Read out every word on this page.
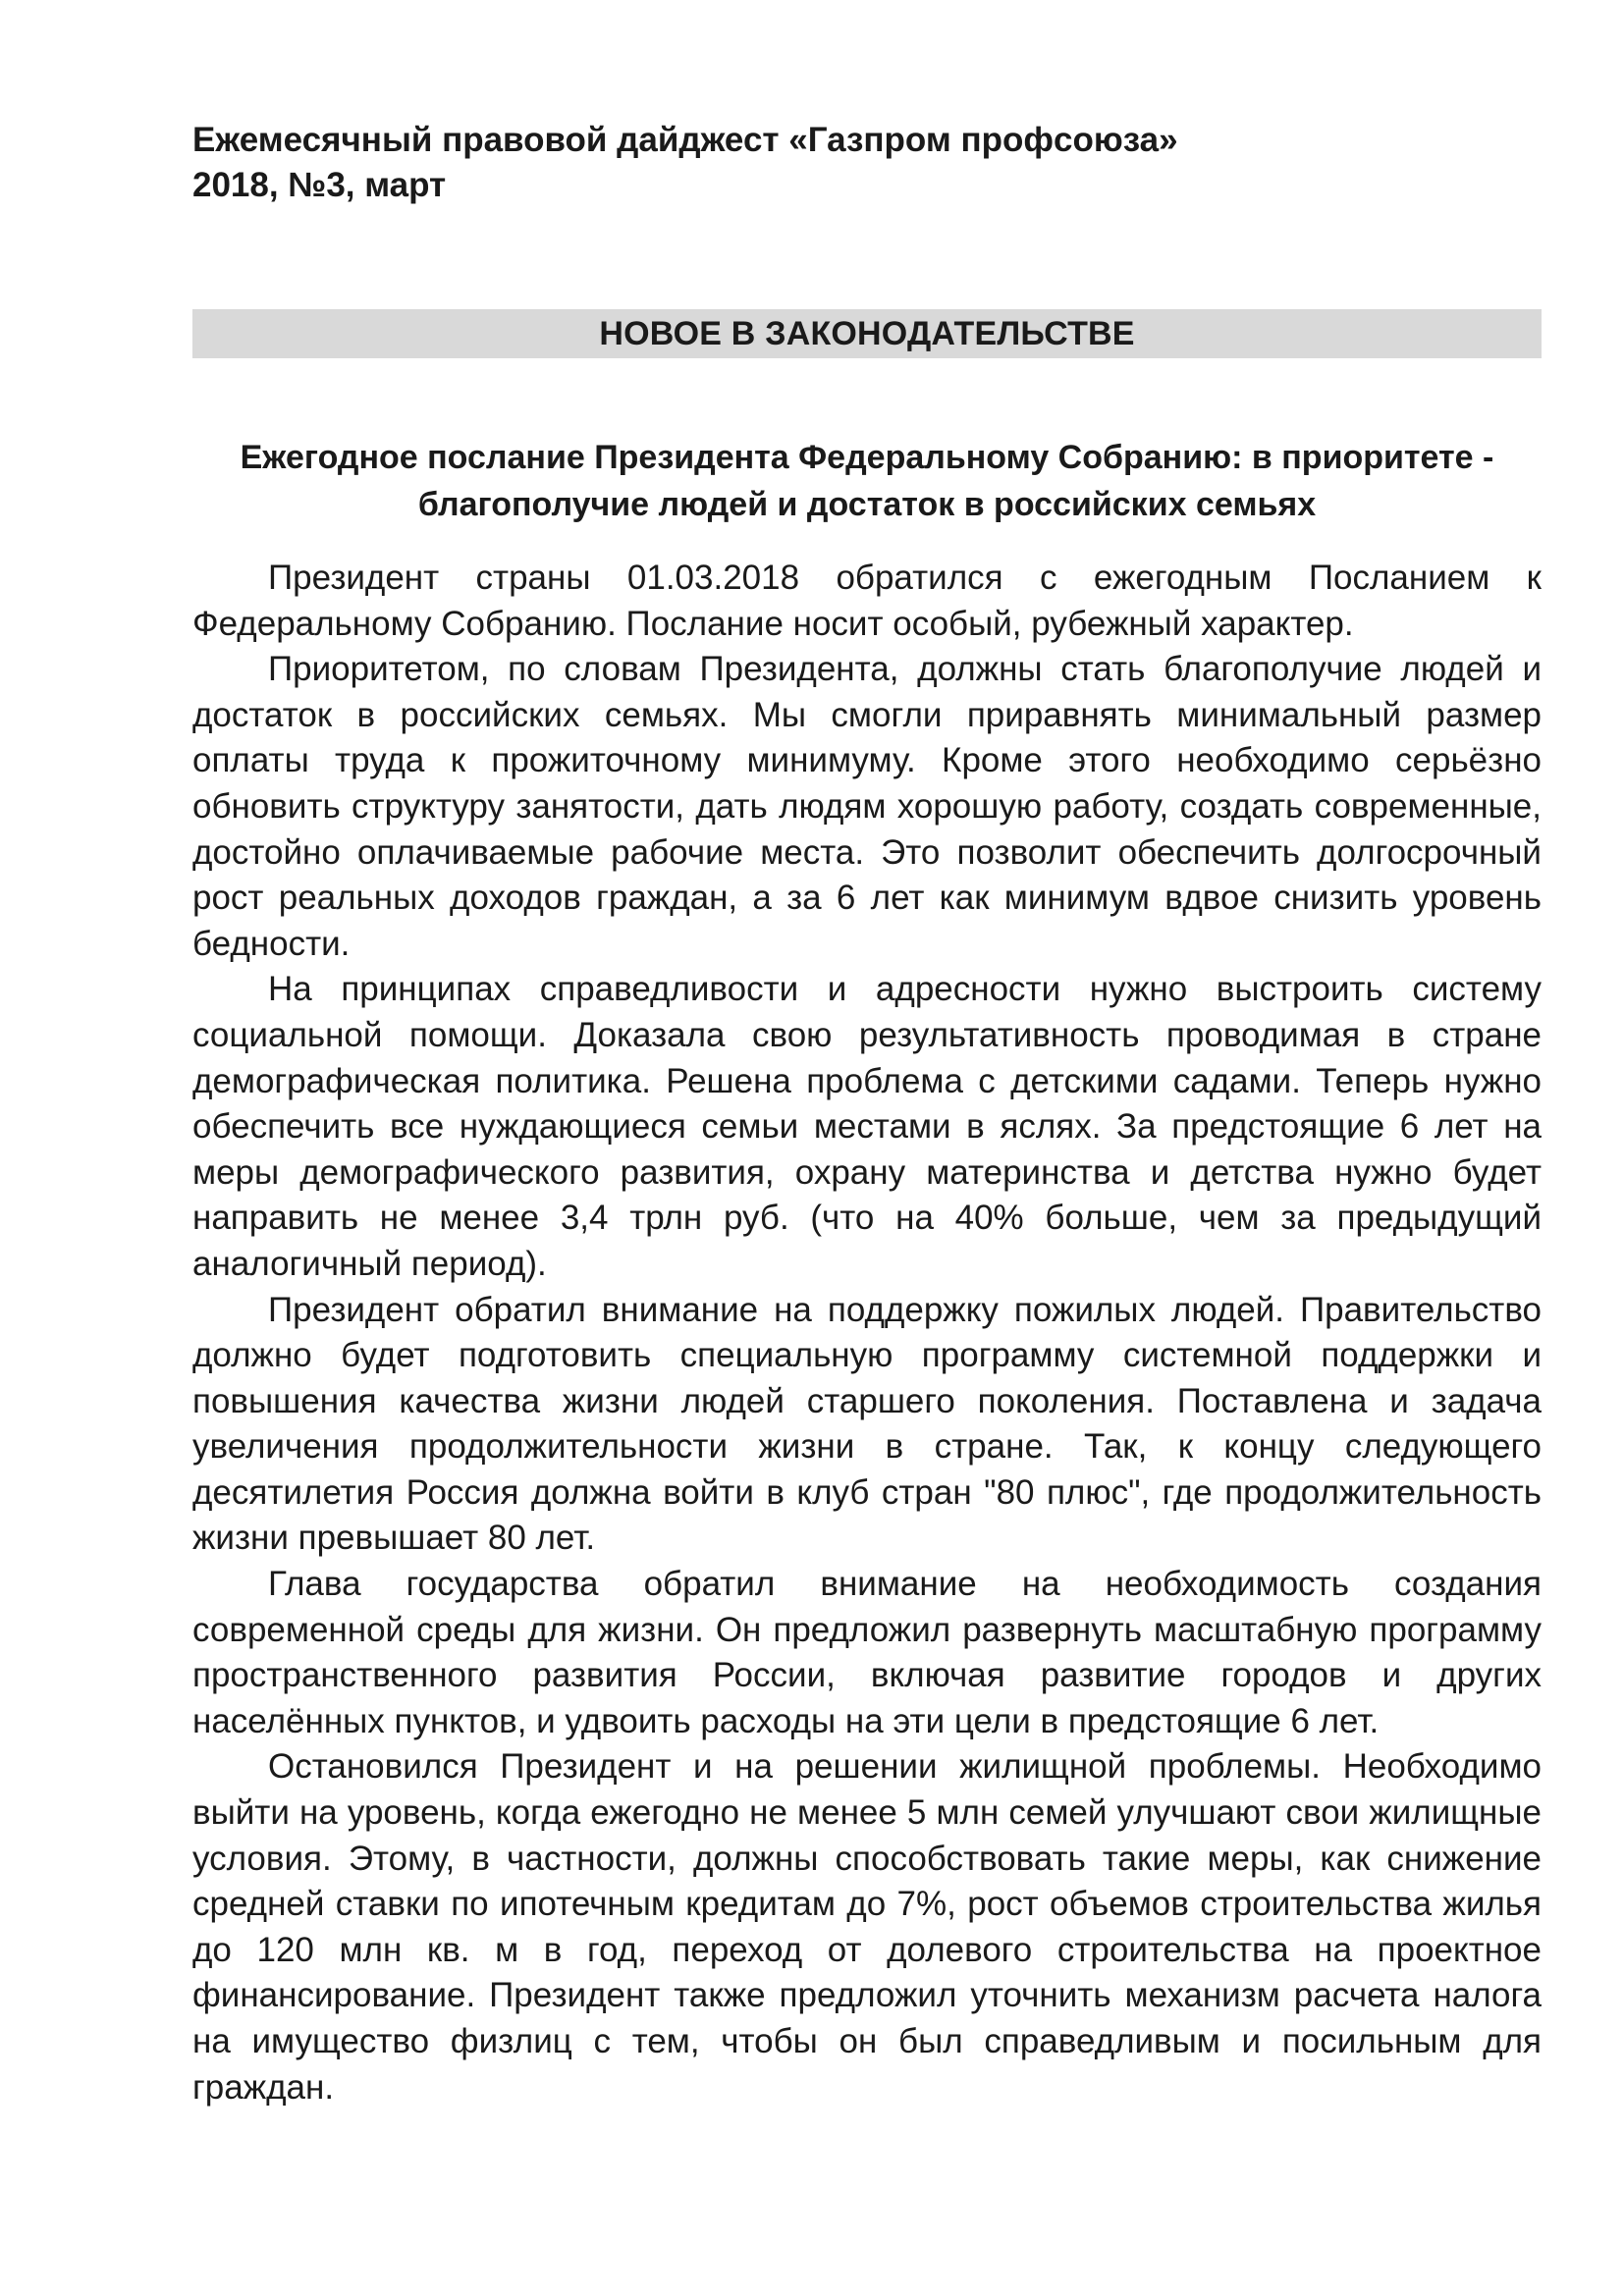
Ежемесячный правовой дайджест «Газпром профсоюза»

2018, №3, март

НОВОЕ В ЗАКОНОДАТЕЛЬСТВЕ
Ежегодное послание Президента Федеральному Собранию: в приоритете -
благополучие людей и достаток в российских семьях

Президент страны 01.03.2018 обратился с ежегодным Посланием к Федеральному Собранию. Послание носит особый, рубежный характер.

Приоритетом, по словам Президента, должны стать благополучие людей и достаток в российских семьях. Мы смогли приравнять минимальный размер оплаты труда к прожиточному минимуму. Кроме этого необходимо серьёзно обновить структуру занятости, дать людям хорошую работу, создать современные, достойно оплачиваемые рабочие места. Это позволит обеспечить долгосрочный рост реальных доходов граждан, а за 6 лет как минимум вдвое снизить уровень бедности.

На принципах справедливости и адресности нужно выстроить систему социальной помощи. Доказала свою результативность проводимая в стране демографическая политика. Решена проблема с детскими садами. Теперь нужно обеспечить все нуждающиеся семьи местами в яслях. За предстоящие 6 лет на меры демографического развития, охрану материнства и детства нужно будет направить не менее 3,4 трлн руб. (что на 40% больше, чем за предыдущий аналогичный период).

Президент обратил внимание на поддержку пожилых людей. Правительство должно будет подготовить специальную программу системной поддержки и повышения качества жизни людей старшего поколения. Поставлена и задача увеличения продолжительности жизни в стране. Так, к концу следующего десятилетия Россия должна войти в клуб стран "80 плюс", где продолжительность жизни превышает 80 лет.

Глава государства обратил внимание на необходимость создания современной среды для жизни. Он предложил развернуть масштабную программу пространственного развития России, включая развитие городов и других населённых пунктов, и удвоить расходы на эти цели в предстоящие 6 лет.

Остановился Президент и на решении жилищной проблемы. Необходимо выйти на уровень, когда ежегодно не менее 5 млн семей улучшают свои жилищные условия. Этому, в частности, должны способствовать такие меры, как снижение средней ставки по ипотечным кредитам до 7%, рост объемов строительства жилья до 120 млн кв. м в год, переход от долевого строительства на проектное финансирование. Президент также предложил уточнить механизм расчета налога на имущество физлиц с тем, чтобы он был справедливым и посильным для граждан.
